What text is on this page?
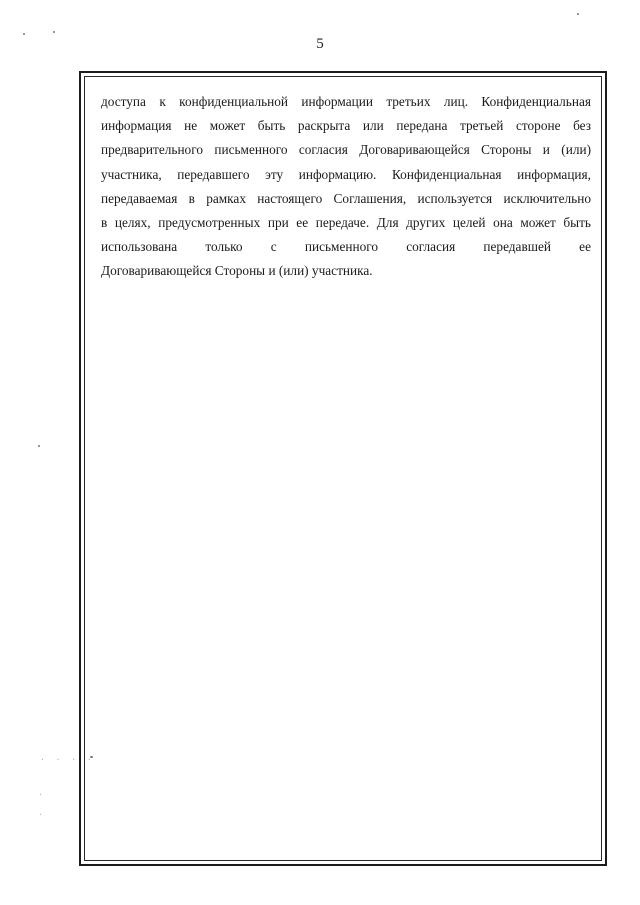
5
доступа к конфиденциальной информации третьих лиц. Конфиденциальная
информация не может быть раскрыта или передана третьей стороне без
предварительного письменного согласия Договаривающейся Стороны и (или)
участника, передавшего эту информацию. Конфиденциальная информация,
передаваемая в рамках настоящего Соглашения, используется исключительно
в целях, предусмотренных при ее передаче. Для других целей она может быть
использована только с письменного согласия передавшей ее
Договаривающейся Стороны и (или) участника.
· · · ·
·
·
